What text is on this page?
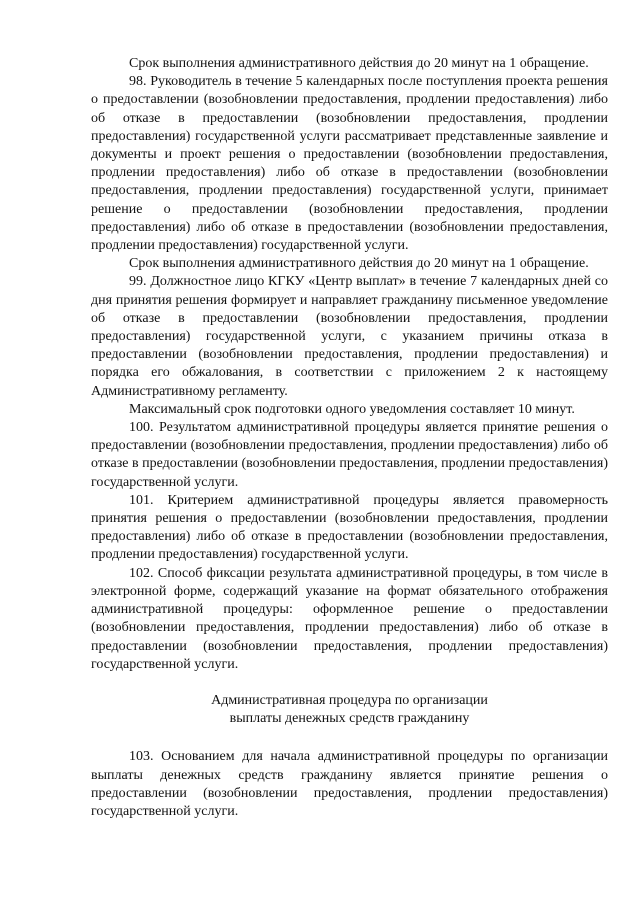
Срок выполнения административного действия до 20 минут на 1 обращение.

98. Руководитель в течение 5 календарных после поступления проекта решения о предоставлении (возобновлении предоставления, продлении предоставления) либо об отказе в предоставлении (возобновлении предоставления, продлении предоставления) государственной услуги рассматривает представленные заявление и документы и проект решения о предоставлении (возобновлении предоставления, продлении предоставления) либо об отказе в предоставлении (возобновлении предоставления, продлении предоставления) государственной услуги, принимает решение о предоставлении (возобновлении предоставления, продлении предоставления) либо об отказе в предоставлении (возобновлении предоставления, продлении предоставления) государственной услуги.

Срок выполнения административного действия до 20 минут на 1 обращение.

99. Должностное лицо КГКУ «Центр выплат» в течение 7 календарных дней со дня принятия решения формирует и направляет гражданину письменное уведомление об отказе в предоставлении (возобновлении предоставления, продлении предоставления) государственной услуги, с указанием причины отказа в предоставлении (возобновлении предоставления, продлении предоставления) и порядка его обжалования, в соответствии с приложением 2 к настоящему Административному регламенту.

Максимальный срок подготовки одного уведомления составляет 10 минут.

100. Результатом административной процедуры является принятие решения о предоставлении (возобновлении предоставления, продлении предоставления) либо об отказе в предоставлении (возобновлении предоставления, продлении предоставления) государственной услуги.

101. Критерием административной процедуры является правомерность принятия решения о предоставлении (возобновлении предоставления, продлении предоставления) либо об отказе в предоставлении (возобновлении предоставления, продлении предоставления) государственной услуги.

102. Способ фиксации результата административной процедуры, в том числе в электронной форме, содержащий указание на формат обязательного отображения административной процедуры: оформленное решение о предоставлении (возобновлении предоставления, продлении предоставления) либо об отказе в предоставлении (возобновлении предоставления, продлении предоставления) государственной услуги.

Административная процедура по организации
выплаты денежных средств гражданину

103. Основанием для начала административной процедуры по организации выплаты денежных средств гражданину является принятие решения о предоставлении (возобновлении предоставления, продлении предоставления) государственной услуги.
